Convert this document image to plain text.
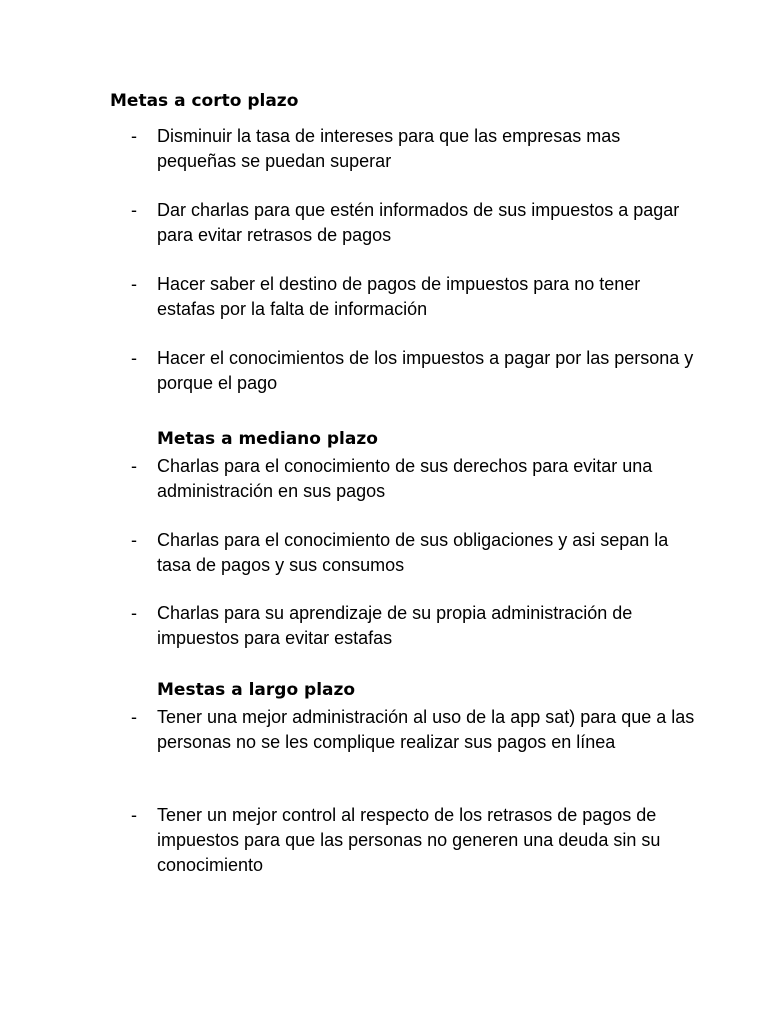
Metas a corto plazo
- Disminuir la tasa de intereses para que las empresas mas pequeñas se puedan superar
- Dar charlas para que estén informados de sus impuestos a pagar para evitar retrasos de pagos
- Hacer saber el destino de pagos de impuestos para no tener estafas por la falta de información
- Hacer el conocimientos de los impuestos a pagar por las persona y porque el pago
Metas a mediano plazo
- Charlas para el conocimiento de sus derechos para evitar una administración en sus pagos
- Charlas para el conocimiento de sus obligaciones y asi sepan la tasa de pagos y sus consumos
- Charlas para su aprendizaje de su propia administración de impuestos para evitar estafas
Mestas a largo plazo
- Tener una mejor administración al uso de la app sat) para que a las personas no se les complique realizar sus pagos en línea
- Tener un mejor control al respecto de los retrasos de pagos de impuestos para que las personas no generen una deuda sin su conocimiento
